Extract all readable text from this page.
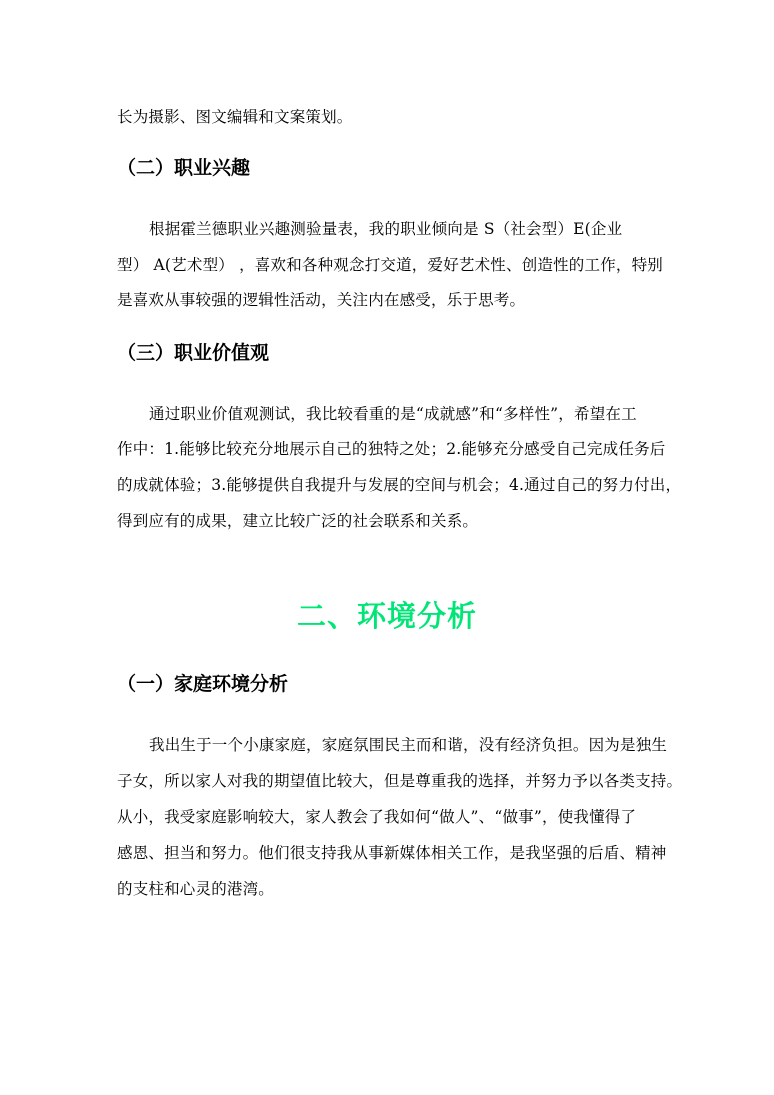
长为摄影、图文编辑和文案策划。
（二）职业兴趣
根据霍兰德职业兴趣测验量表，我的职业倾向是 S（社会型）E(企业
型） A(艺术型） ，喜欢和各种观念打交道，爱好艺术性、创造性的工作，特别
是喜欢从事较强的逻辑性活动，关注内在感受，乐于思考。
（三）职业价值观
通过职业价值观测试，我比较看重的是“成就感”和“多样性”，希望在工
作中：1.能够比较充分地展示自己的独特之处；2.能够充分感受自己完成任务后
的成就体验；3.能够提供自我提升与发展的空间与机会；4.通过自己的努力付出，
得到应有的成果，建立比较广泛的社会联系和关系。
二、环境分析
（一）家庭环境分析
我出生于一个小康家庭，家庭氛围民主而和谐，没有经济负担。因为是独生
子女，所以家人对我的期望值比较大，但是尊重我的选择，并努力予以各类支持。
从小，我受家庭影响较大，家人教会了我如何“做人”、“做事”，使我懂得了
感恩、担当和努力。他们很支持我从事新媒体相关工作，是我坚强的后盾、精神
的支柱和心灵的港湾。
